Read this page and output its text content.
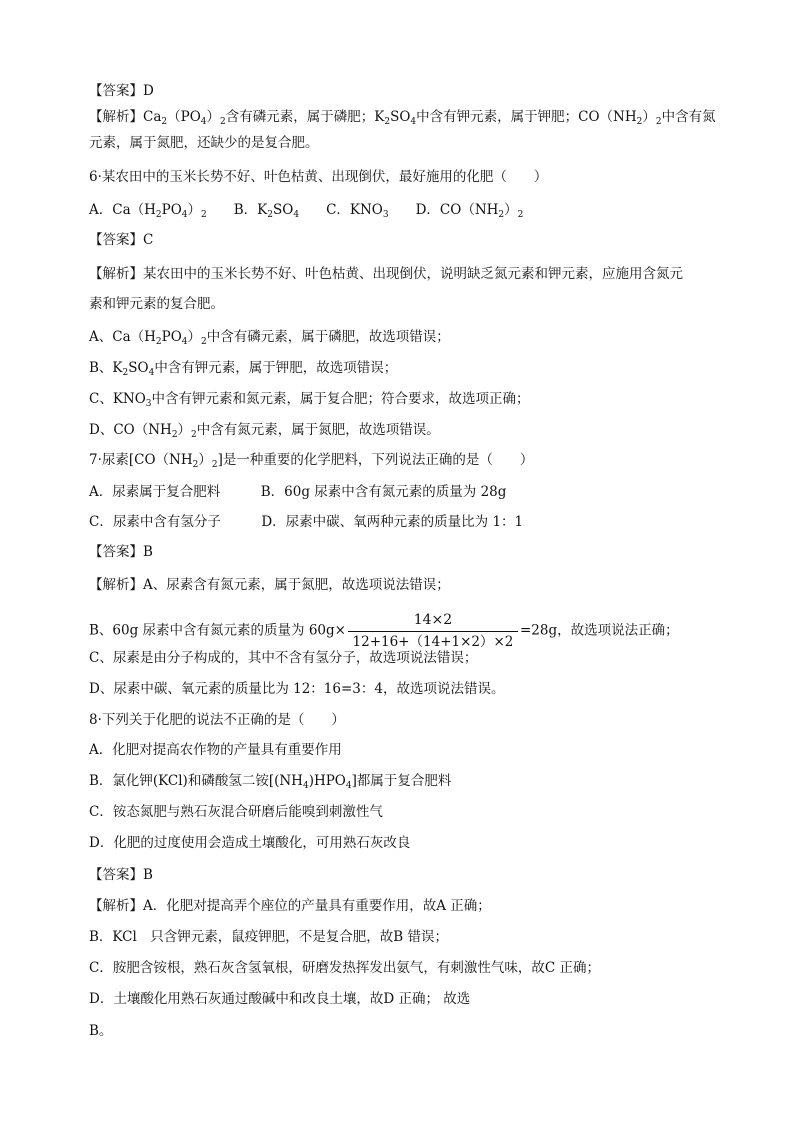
【答案】D
【解析】$Ca_2(PO_4)_2$含有磷元素，属于磷肥；$K_2SO_4$中含有钾元素，属于钾肥；$CO(NH_2)_2$中含有氮
元素，属于氮肥，还缺少的是复合肥。
6·某农田中的玉米长势不好、叶色枯黄、出现倒伏，最好施用的化肥（　　）
A．$Ca(H_2PO_4)_2$　　B．$K_2SO_4$　　C．$KNO_3$　　D．$CO(NH_2)_2$
【答案】C
【解析】某农田中的玉米长势不好、叶色枯黄、出现倒伏，说明缺乏氮元素和钾元素，应施用含氮元
素和钾元素的复合肥。
A、$Ca(H_2PO_4)_2$中含有磷元素，属于磷肥，故选项错误；
B、$K_2SO_4$中含有钾元素，属于钾肥，故选项错误；
C、$KNO_3$中含有钾元素和氮元素，属于复合肥；符合要求，故选项正确；
D、$CO(NH_2)_2$中含有氮元素，属于氮肥，故选项错误。
7·尿素$[CO(NH_2)_2]$是一种重要的化学肥料，下列说法正确的是（　　）
A．尿素属于复合肥料　　　B．60g 尿素中含有氮元素的质量为 28g
C．尿素中含有氢分子　　　D．尿素中碳、氧两种元素的质量比为 1：1
【答案】B
【解析】A、尿素含有氮元素，属于氮肥，故选项说法错误；
B、60g 尿素中含有氮元素的质量为 $60g\times \frac{14\times 2}{12+16+(14+1\times 2)\times 2} =28g$，故选项说法正确；
C、尿素是由分子构成的，其中不含有氢分子，故选项说法错误；
D、尿素中碳、氧元素的质量比为 12：16=3：4，故选项说法错误。
8·下列关于化肥的说法不正确的是（　　）
A．化肥对提高农作物的产量具有重要作用
B．氯化钾(KCl)和磷酸氢二铵$[(NH_4)HPO_4]$都属于复合肥料
C．铵态氮肥与熟石灰混合研磨后能嗅到刺激性气
D．化肥的过度使用会造成土壤酸化，可用熟石灰改良
【答案】B
【解析】A．化肥对提高弄个座位的产量具有重要作用，故A 正确；
B．KCl　只含钾元素，鼠疫钾肥，不是复合肥，故B 错误；
C．胺肥含铵根，熟石灰含氢氧根，研磨发热挥发出氨气，有刺激性气味，故C 正确；
D．土壤酸化用熟石灰通过酸碱中和改良土壤，故D 正确； 故选
B。
